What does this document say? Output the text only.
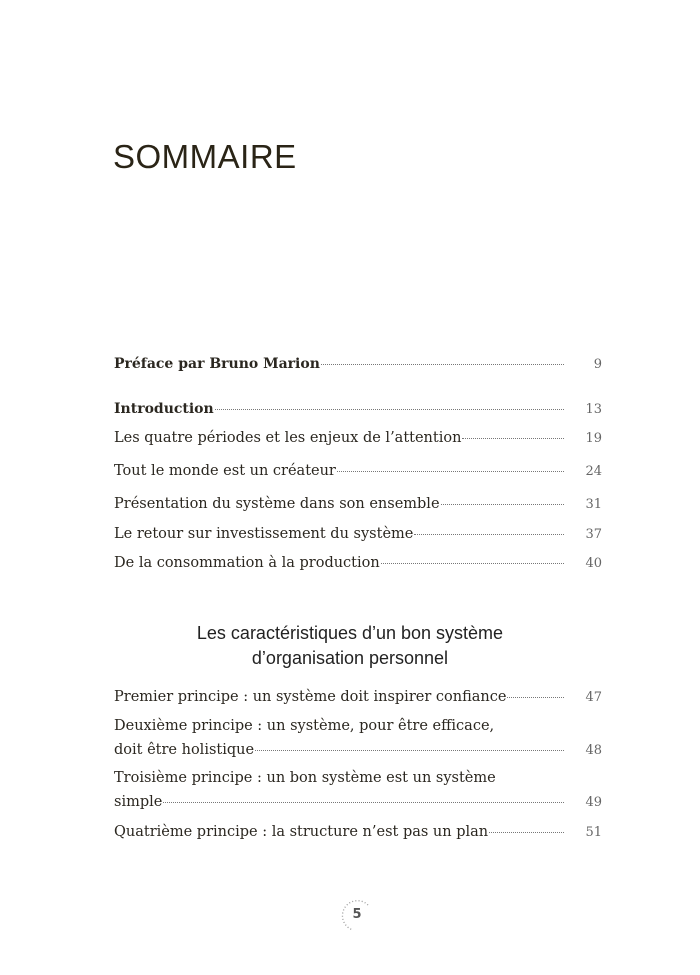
SOMMAIRE
Préface par Bruno Marion	9
Introduction	13
Les quatre périodes et les enjeux de l’attention	19
Tout le monde est un créateur	24
Présentation du système dans son ensemble	31
Le retour sur investissement du système	37
De la consommation à la production	40
Les caractéristiques d’un bon système
d’organisation personnel
Premier principe : un système doit inspirer confiance	47
Deuxième principe : un système, pour être efficace,
doit être holistique	48
Troisième principe : un bon système est un système
simple	49
Quatrième principe : la structure n’est pas un plan	51
5
